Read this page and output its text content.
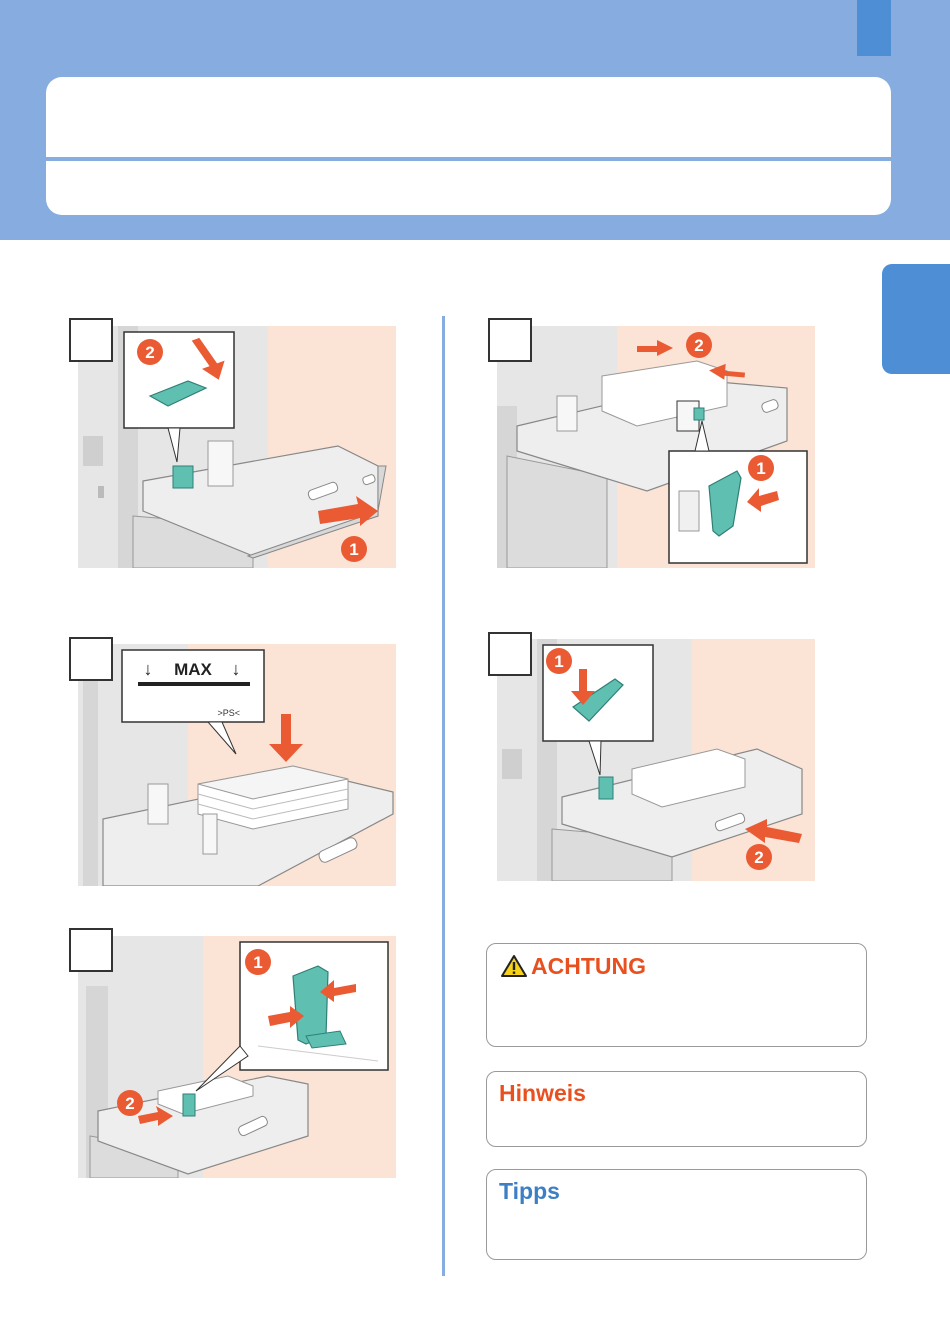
2
1
MAX
↓	↓
>PS<
2
1
2
1
1
2
ACHTUNG
Hinweis
Tipps
